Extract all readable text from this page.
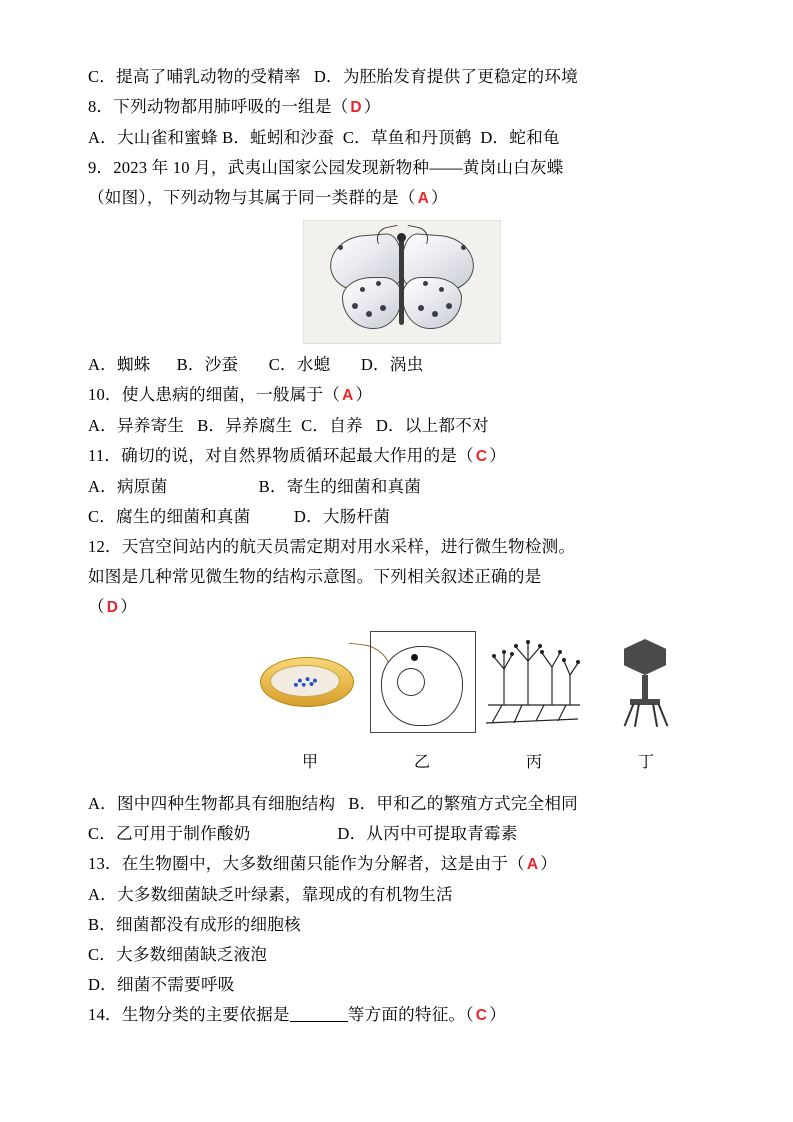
C．提高了哺乳动物的受精率   D．为胚胎发育提供了更稳定的环境
8．下列动物都用肺呼吸的一组是（ D ）
A．大山雀和蜜蜂 B．蚯蚓和沙蚕  C．草鱼和丹顶鹤  D．蛇和龟
9．2023 年 10 月，武夷山国家公园发现新物种——黄岗山白灰蝶
（如图），下列动物与其属于同一类群的是（ A ）
A．蜘蛛      B．沙蚕       C．水螅       D．涡虫
10．使人患病的细菌，一般属于（ A ）
A．异养寄生   B．异养腐生  C．自养   D．以上都不对
11．确切的说，对自然界物质循环起最大作用的是（ C ）
A．病原菌                     B．寄生的细菌和真菌
C．腐生的细菌和真菌          D．大肠杆菌
12．天宫空间站内的航天员需定期对用水采样，进行微生物检测。
如图是几种常见微生物的结构示意图。下列相关叙述正确的是
（ D ）
甲	乙	丙	丁
A．图中四种生物都具有细胞结构   B．甲和乙的繁殖方式完全相同
C．乙可用于制作酸奶                    D．从丙中可提取青霉素
13．在生物圈中，大多数细菌只能作为分解者，这是由于（ A ）
A．大多数细菌缺乏叶绿素，靠现成的有机物生活
B．细菌都没有成形的细胞核
C．大多数细菌缺乏液泡
D．细菌不需要呼吸
14．生物分类的主要依据是	等方面的特征。（ C ）
